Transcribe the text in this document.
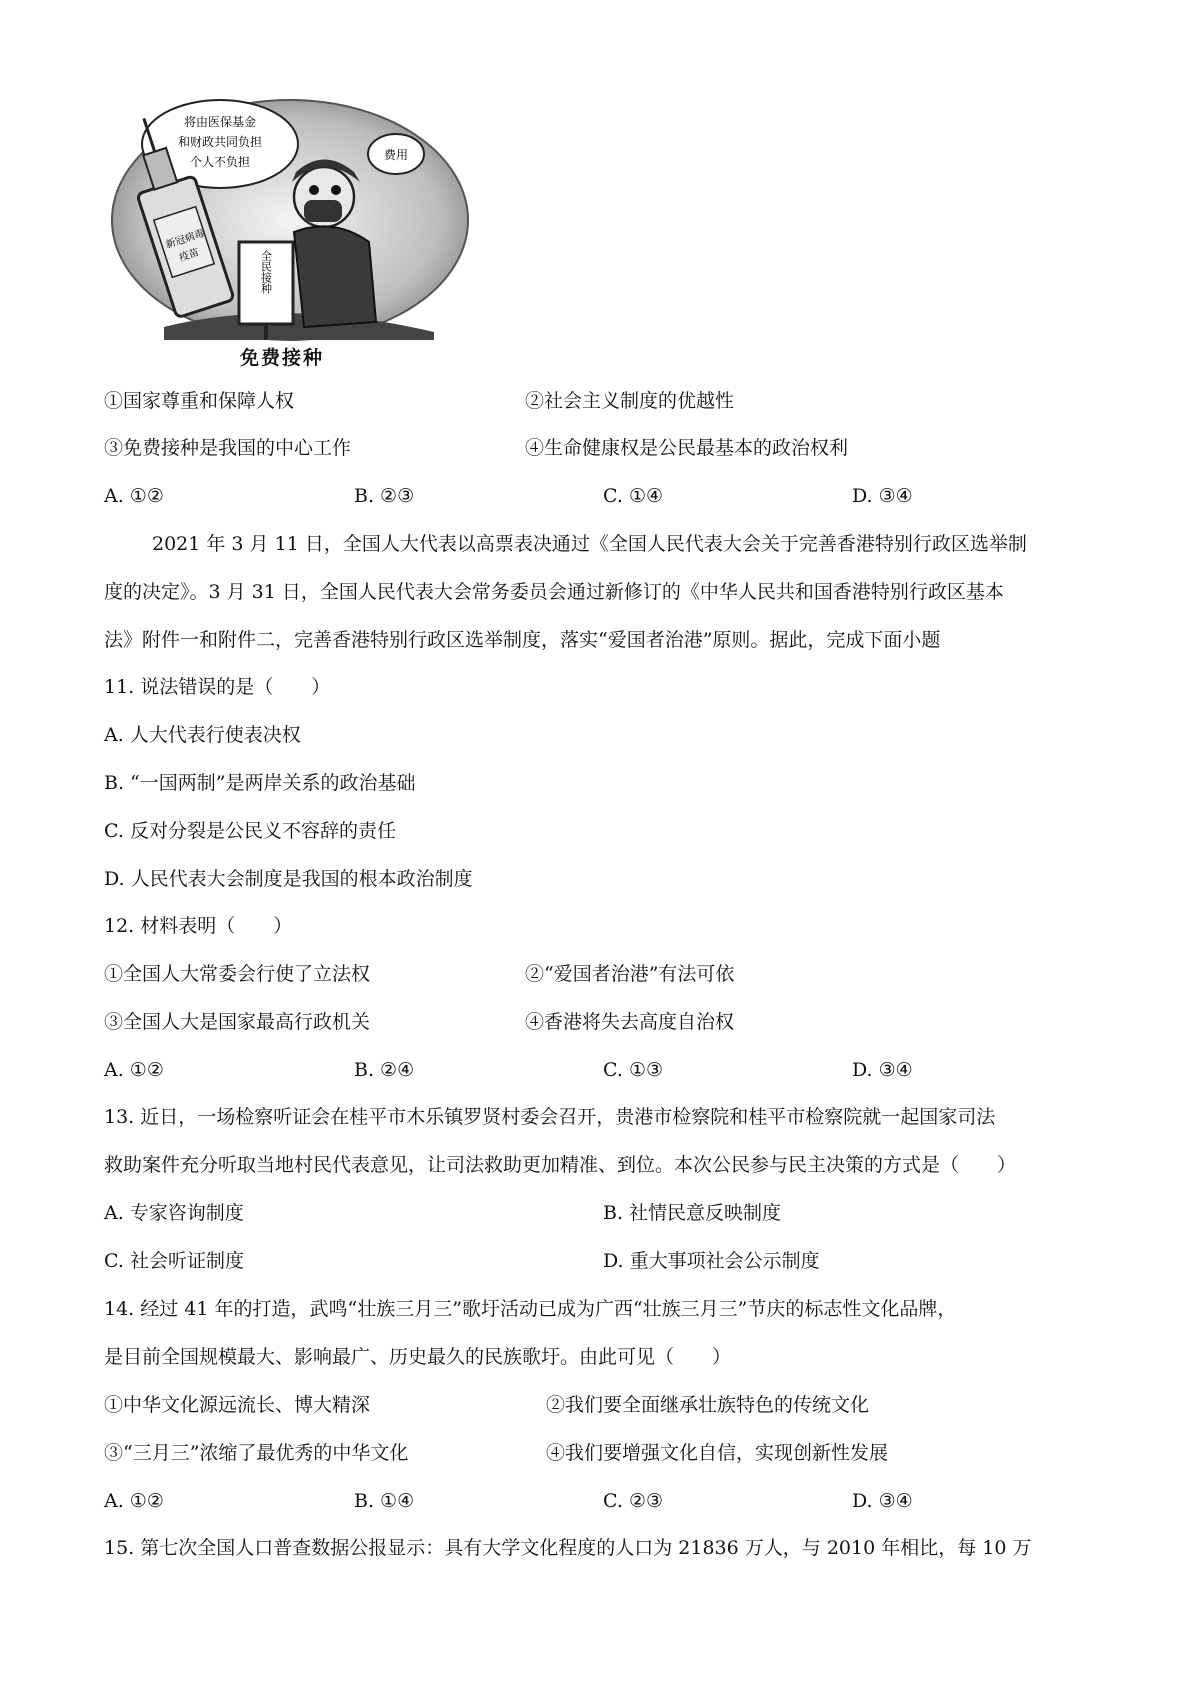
将由医保基金
和财政共同负担
个人不负担	费用
新冠病毒
疫苗	全民接种
免费接种
①国家尊重和保障人权	②社会主义制度的优越性
③免费接种是我国的中心工作	④生命健康权是公民最基本的政治权利
A. ①②	B. ②③	C. ①④	D. ③④
2021 年 3 月 11 日，全国人大代表以高票表决通过《全国人民代表大会关于完善香港特别行政区选举制
度的决定》。3 月 31 日，全国人民代表大会常务委员会通过新修订的《中华人民共和国香港特别行政区基本
法》附件一和附件二，完善香港特别行政区选举制度，落实“爱国者治港”原则。据此，完成下面小题
11. 说法错误的是（　　）
A. 人大代表行使表决权
B. “一国两制”是两岸关系的政治基础
C. 反对分裂是公民义不容辞的责任
D. 人民代表大会制度是我国的根本政治制度
12. 材料表明（　　）
①全国人大常委会行使了立法权	②“爱国者治港”有法可依
③全国人大是国家最高行政机关	④香港将失去高度自治权
A. ①②	B. ②④	C. ①③	D. ③④
13. 近日，一场检察听证会在桂平市木乐镇罗贤村委会召开，贵港市检察院和桂平市检察院就一起国家司法
救助案件充分听取当地村民代表意见，让司法救助更加精准、到位。本次公民参与民主决策的方式是（　　）
A. 专家咨询制度	B. 社情民意反映制度
C. 社会听证制度	D. 重大事项社会公示制度
14. 经过 41 年的打造，武鸣“壮族三月三”歌圩活动已成为广西“壮族三月三”节庆的标志性文化品牌，
是目前全国规模最大、影响最广、历史最久的民族歌圩。由此可见（　　）
①中华文化源远流长、博大精深	②我们要全面继承壮族特色的传统文化
③“三月三”浓缩了最优秀的中华文化	④我们要增强文化自信，实现创新性发展
A. ①②	B. ①④	C. ②③	D. ③④
15. 第七次全国人口普查数据公报显示：具有大学文化程度的人口为 21836 万人，与 2010 年相比，每 10 万
